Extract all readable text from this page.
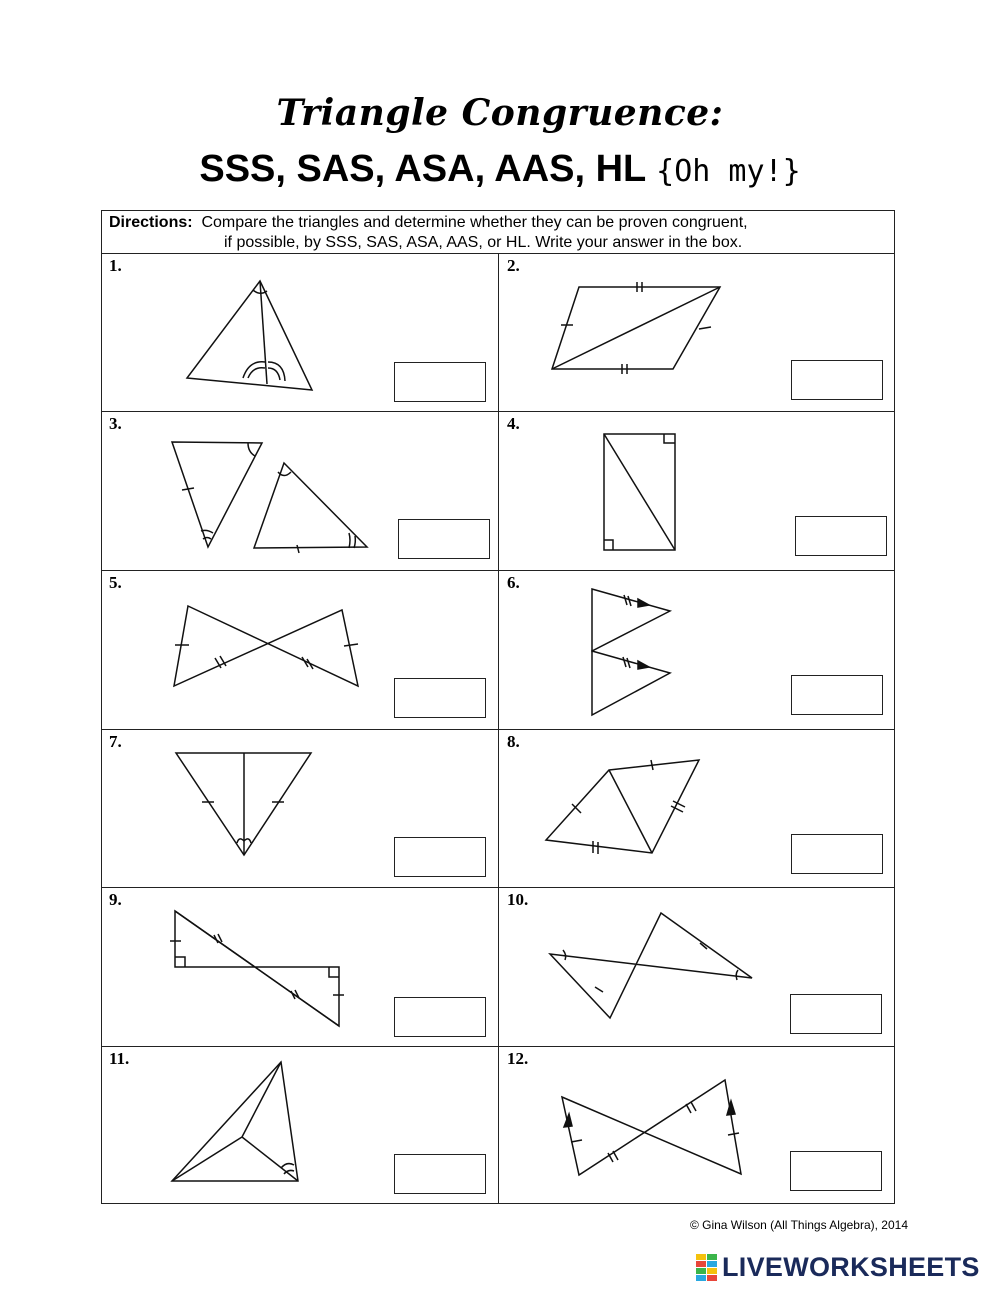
Triangle Congruence:
SSS, SAS, ASA, AAS, HL {Oh my!}
Directions: Compare the triangles and determine whether they can be proven congruent,
if possible, by SSS, SAS, ASA, AAS, or HL. Write your answer in the box.
1.	2.
3.	4.
5.	6.
7.	8.
9.	10.
11.	12.
© Gina Wilson (All Things Algebra), 2014
LIVEWORKSHEETS
